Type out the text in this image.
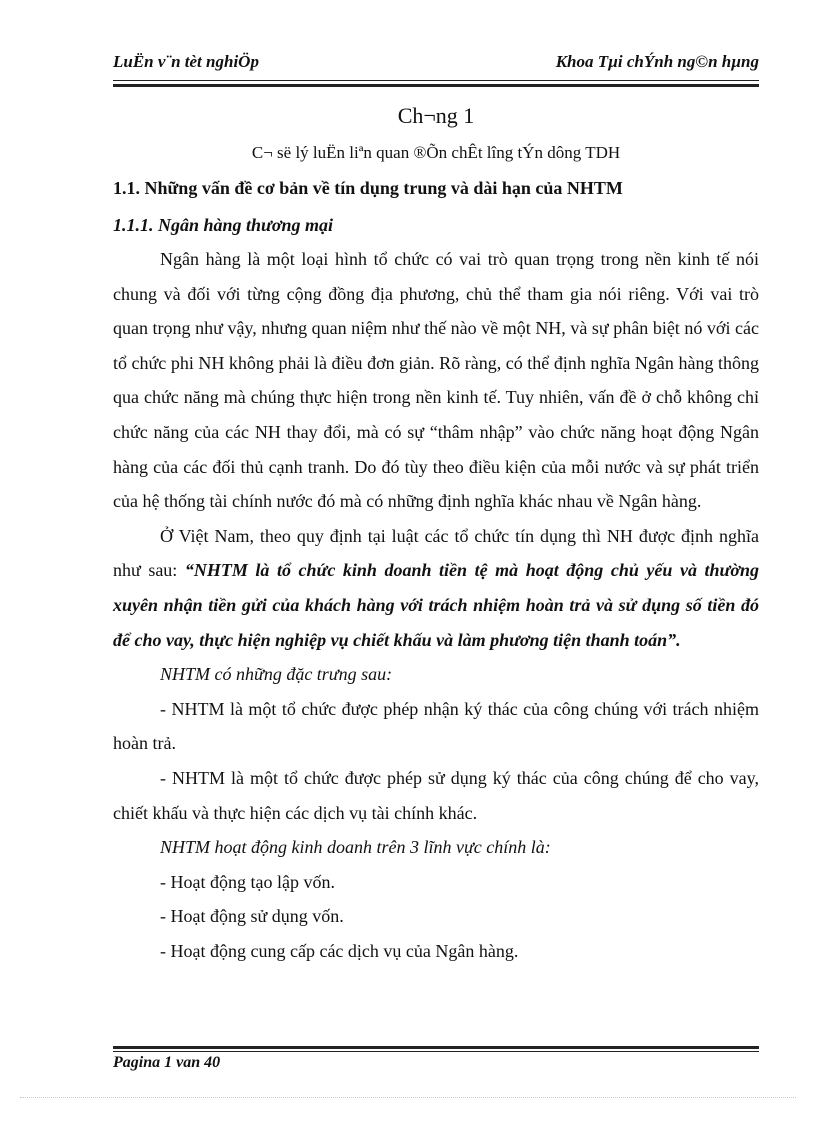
LuËn v¨n tèt nghiÖp	Khoa Tµi chÝnh ng©n hµng
Ch¬ng 1
C¬ së lý luËn liªn quan ®Õn chÊt lîng tÝn dông TDH
1.1. Những vấn đề cơ bản về tín dụng trung và dài hạn của NHTM
1.1.1. Ngân hàng thương mại

Ngân hàng là một loại hình tổ chức có vai trò quan trọng trong nền kinh tế nói chung và đối với từng cộng đồng địa phương, chủ thể tham gia nói riêng. Với vai trò quan trọng như vậy, nhưng quan niệm như thế nào về một NH, và sự phân biệt nó với các tổ chức phi NH không phải là điều đơn giản. Rõ ràng, có thể định nghĩa Ngân hàng thông qua chức năng mà chúng thực hiện trong nền kinh tế. Tuy nhiên, vấn đề ở chỗ không chỉ chức năng của các NH thay đổi, mà có sự “thâm nhập” vào chức năng hoạt động Ngân hàng của các đối thủ cạnh tranh. Do đó tùy theo điều kiện của mỗi nước và sự phát triển của hệ thống tài chính nước đó mà có những định nghĩa khác nhau về Ngân hàng.

Ở Việt Nam, theo quy định tại luật các tổ chức tín dụng thì NH được định nghĩa như sau: “NHTM là tổ chức kinh doanh tiền tệ mà hoạt động chủ yếu và thường xuyên nhận tiền gửi của khách hàng với trách nhiệm hoàn trả và sử dụng số tiền đó để cho vay, thực hiện nghiệp vụ chiết khấu và làm phương tiện thanh toán”.

NHTM có những đặc trưng sau:

- NHTM là một tổ chức được phép nhận ký thác của công chúng với trách nhiệm hoàn trả.

- NHTM là một tổ chức được phép sử dụng ký thác của công chúng để cho vay, chiết khấu và thực hiện các dịch vụ tài chính khác.

NHTM hoạt động kinh doanh trên 3 lĩnh vực chính là:

- Hoạt động tạo lập vốn.

- Hoạt động sử dụng vốn.

- Hoạt động cung cấp các dịch vụ của Ngân hàng.

Pagina 1 van 40
